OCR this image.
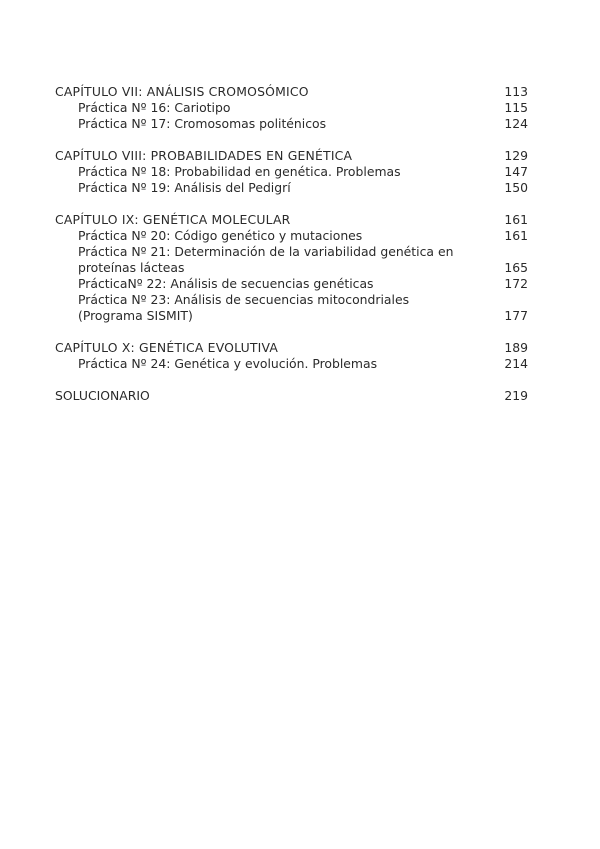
CAPÍTULO VII: ANÁLISIS CROMOSÓMICO	113
Práctica Nº 16: Cariotipo	115
Práctica Nº 17: Cromosomas politénicos	124
CAPÍTULO VIII: PROBABILIDADES EN GENÉTICA	129
Práctica Nº 18: Probabilidad en genética. Problemas	147
Práctica Nº 19: Análisis del Pedigrí	150
CAPÍTULO IX: GENÉTICA MOLECULAR	161
Práctica Nº 20: Código genético y mutaciones	161
Práctica Nº 21: Determinación de la variabilidad genética en
proteínas lácteas	165
PrácticaNº 22: Análisis de secuencias genéticas	172
Práctica Nº 23: Análisis de secuencias mitocondriales
(Programa SISMIT)	177
CAPÍTULO X: GENÉTICA EVOLUTIVA	189
Práctica Nº 24: Genética y evolución. Problemas	214
SOLUCIONARIO	219
